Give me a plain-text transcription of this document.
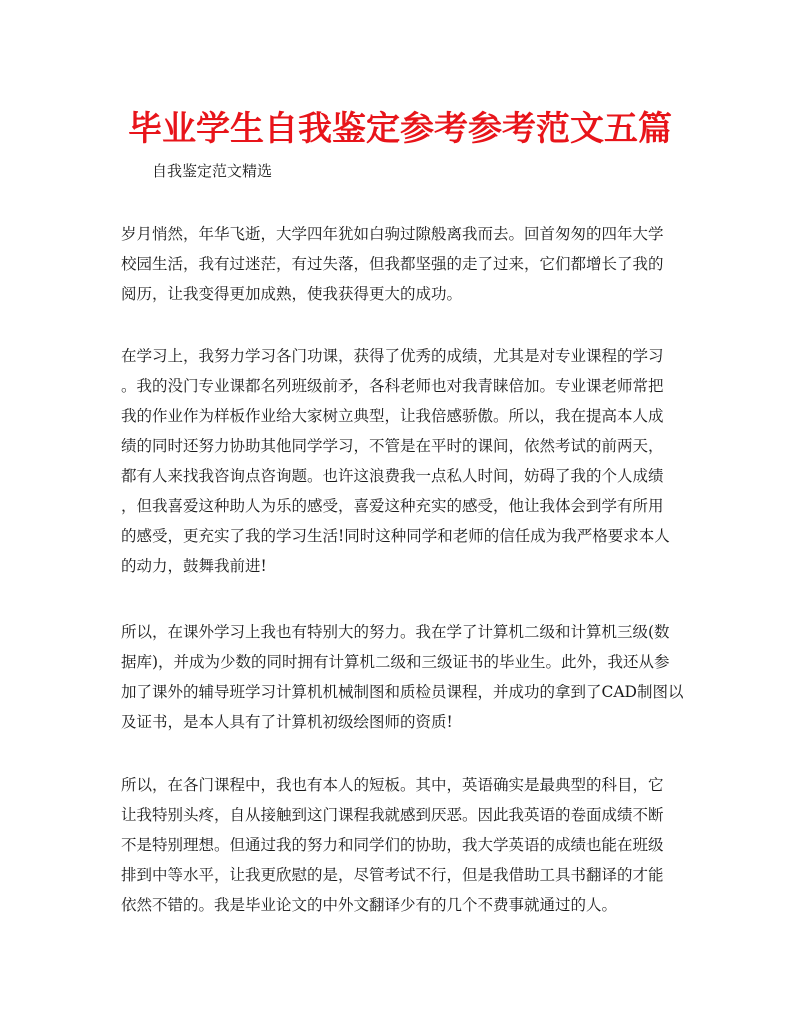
毕业学生自我鉴定参考参考范文五篇
自我鉴定范文精选
岁月悄然，年华飞逝，大学四年犹如白驹过隙般离我而去。回首匆匆的四年大学
校园生活，我有过迷茫，有过失落，但我都坚强的走了过来，它们都增长了我的
阅历，让我变得更加成熟，使我获得更大的成功。
在学习上，我努力学习各门功课，获得了优秀的成绩，尤其是对专业课程的学习
。我的没门专业课都名列班级前矛，各科老师也对我青睐倍加。专业课老师常把
我的作业作为样板作业给大家树立典型，让我倍感骄傲。所以，我在提高本人成
绩的同时还努力协助其他同学学习，不管是在平时的课间，依然考试的前两天，
都有人来找我咨询点咨询题。也许这浪费我一点私人时间，妨碍了我的个人成绩
，但我喜爱这种助人为乐的感受，喜爱这种充实的感受，他让我体会到学有所用
的感受，更充实了我的学习生活!同时这种同学和老师的信任成为我严格要求本人
的动力，鼓舞我前进!
所以，在课外学习上我也有特别大的努力。我在学了计算机二级和计算机三级(数
据库)，并成为少数的同时拥有计算机二级和三级证书的毕业生。此外，我还从参
加了课外的辅导班学习计算机机械制图和质检员课程，并成功的拿到了CAD制图以
及证书，是本人具有了计算机初级绘图师的资质!
所以，在各门课程中，我也有本人的短板。其中，英语确实是最典型的科目，它
让我特别头疼，自从接触到这门课程我就感到厌恶。因此我英语的卷面成绩不断
不是特别理想。但通过我的努力和同学们的协助，我大学英语的成绩也能在班级
排到中等水平，让我更欣慰的是，尽管考试不行，但是我借助工具书翻译的才能
依然不错的。我是毕业论文的中外文翻译少有的几个不费事就通过的人。
